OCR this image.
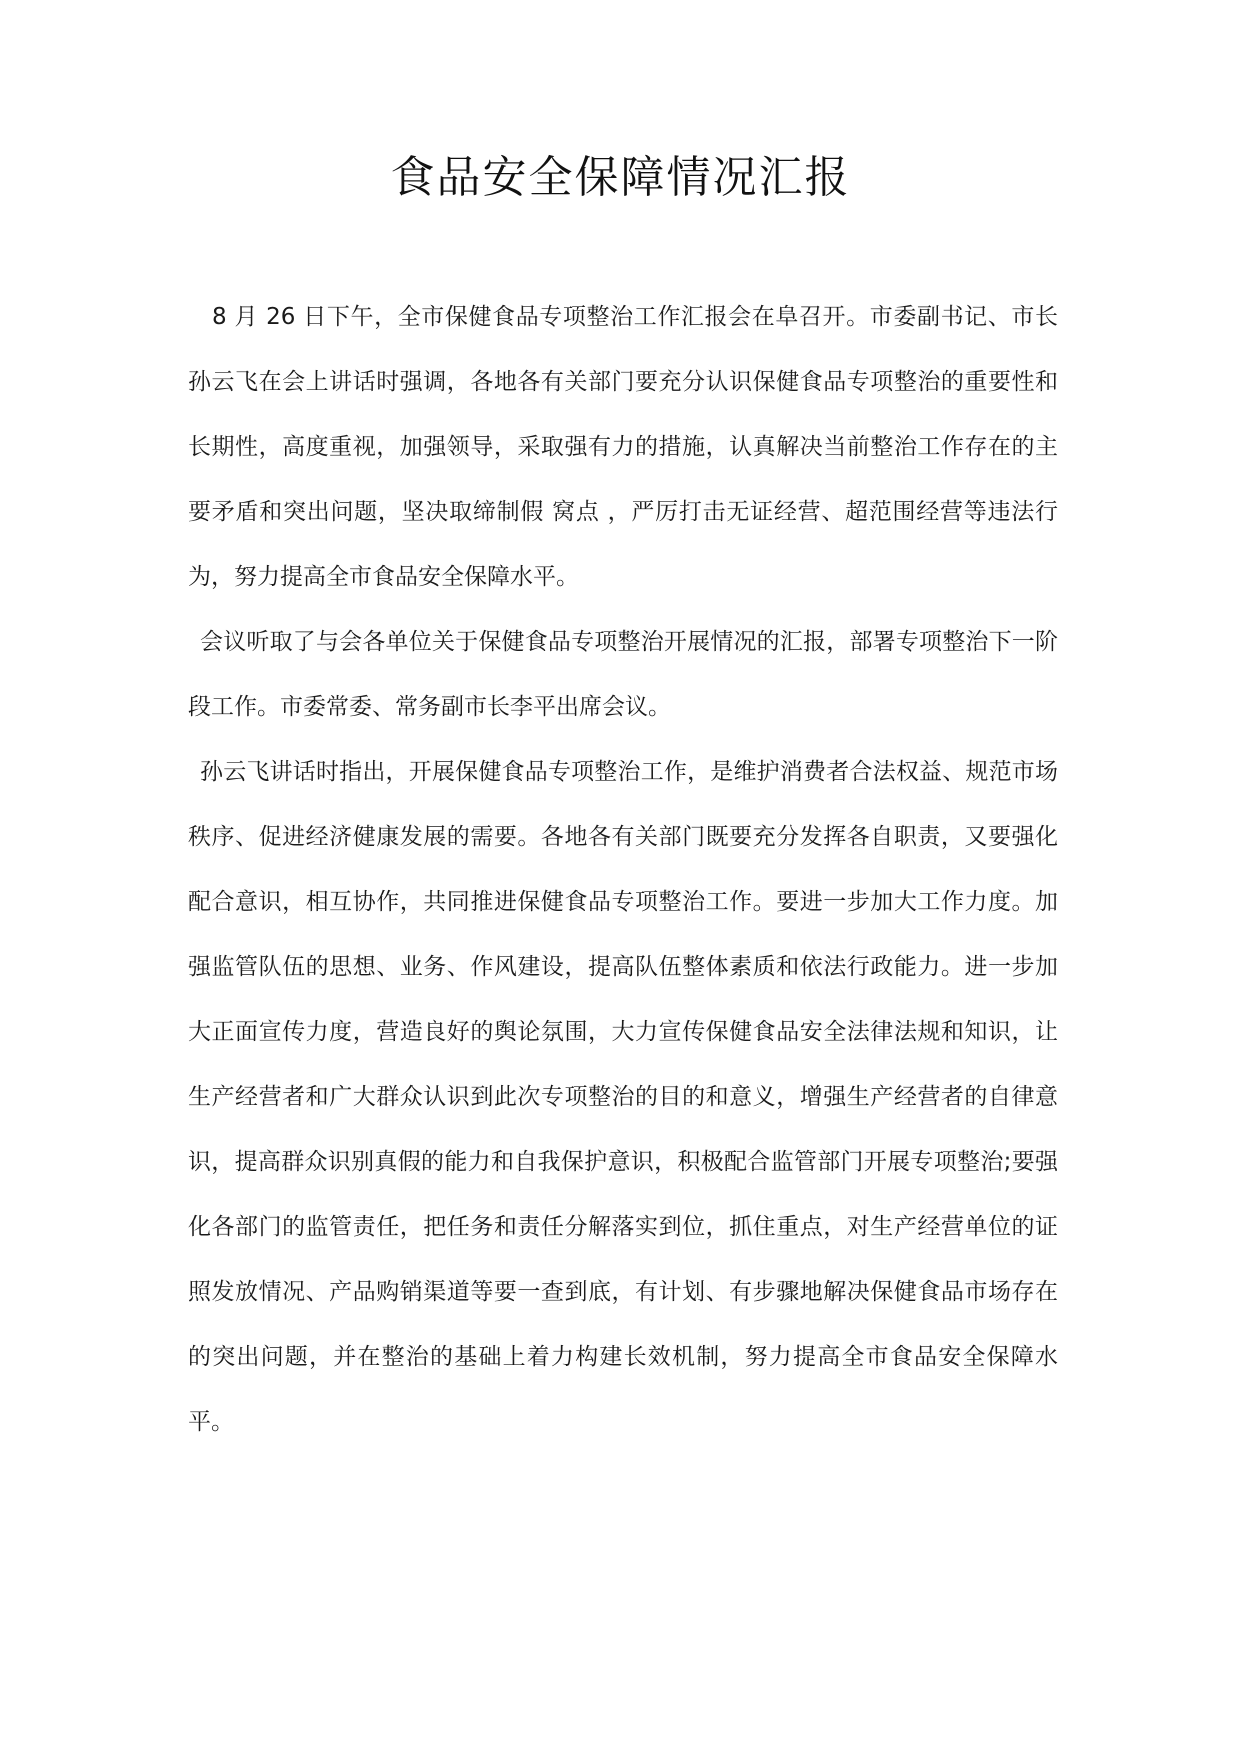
食品安全保障情况汇报

8 月 26 日下午，全市保健食品专项整治工作汇报会在阜召开。市委副书记、市长孙云飞在会上讲话时强调，各地各有关部门要充分认识保健食品专项整治的重要性和长期性，高度重视，加强领导，采取强有力的措施，认真解决当前整治工作存在的主要矛盾和突出问题，坚决取缔制假 窝点 ，严厉打击无证经营、超范围经营等违法行为，努力提高全市食品安全保障水平。

会议听取了与会各单位关于保健食品专项整治开展情况的汇报，部署专项整治下一阶段工作。市委常委、常务副市长李平出席会议。

孙云飞讲话时指出，开展保健食品专项整治工作，是维护消费者合法权益、规范市场秩序、促进经济健康发展的需要。各地各有关部门既要充分发挥各自职责，又要强化配合意识，相互协作，共同推进保健食品专项整治工作。要进一步加大工作力度。加强监管队伍的思想、业务、作风建设，提高队伍整体素质和依法行政能力。进一步加大正面宣传力度，营造良好的舆论氛围，大力宣传保健食品安全法律法规和知识，让生产经营者和广大群众认识到此次专项整治的目的和意义，增强生产经营者的自律意识，提高群众识别真假的能力和自我保护意识，积极配合监管部门开展专项整治;要强化各部门的监管责任，把任务和责任分解落实到位，抓住重点，对生产经营单位的证照发放情况、产品购销渠道等要一查到底，有计划、有步骤地解决保健食品市场存在的突出问题，并在整治的基础上着力构建长效机制，努力提高全市食品安全保障水平。
